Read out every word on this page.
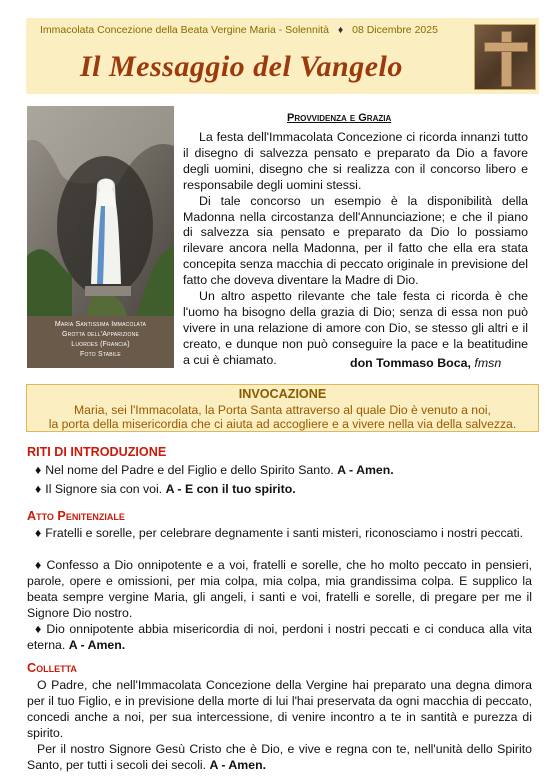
Immacolata Concezione della Beata Vergine Maria - Solennità ♦ 08 Dicembre 2025
Il Messaggio del Vangelo
Maria Santissima Immacolata
Grotta dell'Apparizione
Luordes (Francia)
Foto Stabile
Provvidenza e Grazia

La festa dell'Immacolata Concezione ci ricorda innanzi tutto il disegno di salvezza pensato e preparato da Dio a favore degli uomini, disegno che si realizza con il concorso libero e responsabile degli uomini stessi.

Di tale concorso un esempio è la disponibilità della Madonna nella circostanza dell'Annunciazione; e che il piano di salvezza sia pensato e preparato da Dio lo possiamo rilevare ancora nella Madonna, per il fatto che ella era stata concepita senza macchia di peccato originale in previsione del fatto che doveva diventare la Madre di Dio.

Un altro aspetto rilevante che tale festa ci ricorda è che l'uomo ha bisogno della grazia di Dio; senza di essa non può vivere in una relazione di amore con Dio, se stesso gli altri e il creato, e dunque non può conseguire la pace e la beatitudine a cui è chiamato.	don Tommaso Boca, fmsn
INVOCAZIONE
Maria, sei l'Immacolata, la Porta Santa attraverso al quale Dio è venuto a noi,
la porta della misericordia che ci aiuta ad accogliere e a vivere nella via della salvezza.
RITI DI INTRODUZIONE
♦ Nel nome del Padre e del Figlio e dello Spirito Santo. A - Amen.
♦ Il Signore sia con voi. A - E con il tuo spirito.
Atto Penitenziale
♦ Fratelli e sorelle, per celebrare degnamente i santi misteri, riconosciamo i nostri peccati.
♦ Confesso a Dio onnipotente e a voi, fratelli e sorelle, che ho molto peccato in pensieri, parole, opere e omissioni, per mia colpa, mia colpa, mia grandissima colpa. E supplico la beata sempre vergine Maria, gli angeli, i santi e voi, fratelli e sorelle, di pregare per me il Signore Dio nostro.
♦ Dio onnipotente abbia misericordia di noi, perdoni i nostri peccati e ci conduca alla vita eterna. A - Amen.
Colletta
O Padre, che nell'Immacolata Concezione della Vergine hai preparato una degna dimora per il tuo Figlio, e in previsione della morte di lui l'hai preservata da ogni macchia di peccato, concedi anche a noi, per sua intercessione, di venire incontro a te in santità e purezza di spirito.
Per il nostro Signore Gesù Cristo che è Dio, e vive e regna con te, nell'unità dello Spirito Santo, per tutti i secoli dei secoli. A - Amen.
